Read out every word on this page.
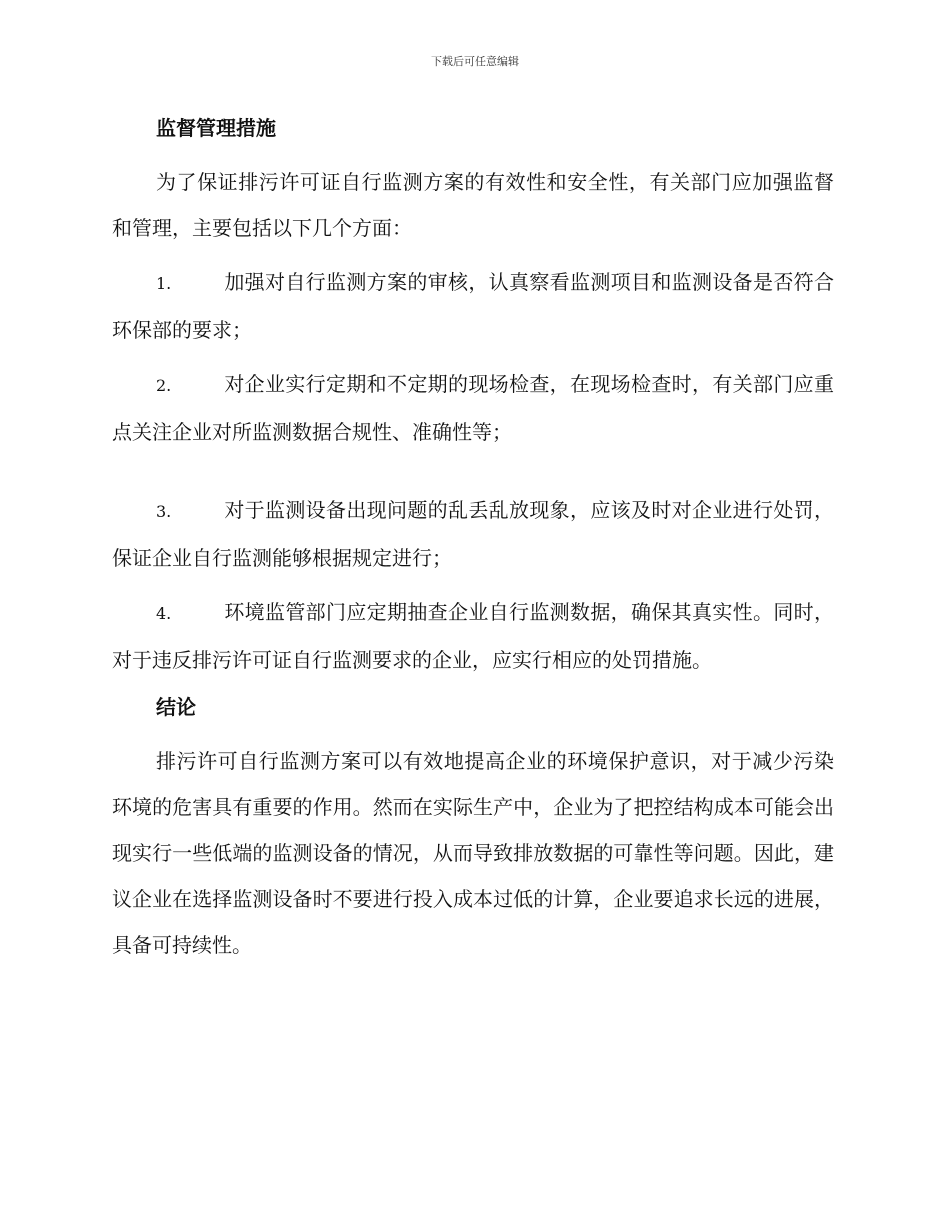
下载后可任意编辑
监督管理措施

为了保证排污许可证自行监测方案的有效性和安全性，有关部门应加强监督和管理，主要包括以下几个方面：

1.	加强对自行监测方案的审核，认真察看监测项目和监测设备是否符合环保部的要求；

2.	对企业实行定期和不定期的现场检查，在现场检查时，有关部门应重点关注企业对所监测数据合规性、准确性等；

3.	对于监测设备出现问题的乱丢乱放现象，应该及时对企业进行处罚，保证企业自行监测能够根据规定进行；

4.	环境监管部门应定期抽查企业自行监测数据，确保其真实性。同时，对于违反排污许可证自行监测要求的企业，应实行相应的处罚措施。

结论

排污许可自行监测方案可以有效地提高企业的环境保护意识，对于减少污染环境的危害具有重要的作用。然而在实际生产中，企业为了把控结构成本可能会出现实行一些低端的监测设备的情况，从而导致排放数据的可靠性等问题。因此，建议企业在选择监测设备时不要进行投入成本过低的计算，企业要追求长远的进展，具备可持续性。
